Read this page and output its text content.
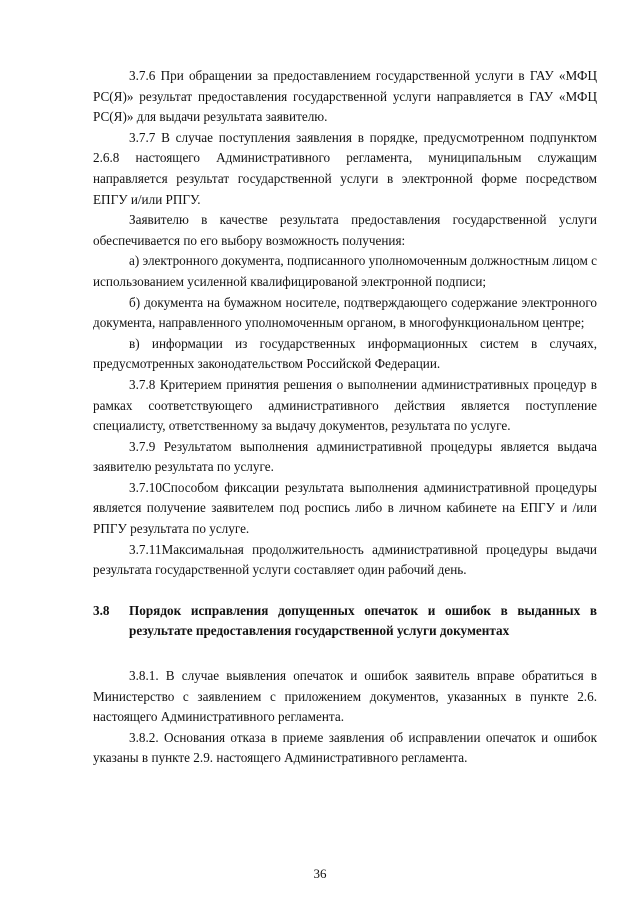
3.7.6 При обращении за предоставлением государственной услуги в ГАУ «МФЦ РС(Я)» результат предоставления государственной услуги направляется в ГАУ «МФЦ РС(Я)» для выдачи результата заявителю.

3.7.7 В случае поступления заявления в порядке, предусмотренном подпунктом 2.6.8 настоящего Административного регламента, муниципальным служащим направляется результат государственной услуги в электронной форме посредством ЕПГУ и/или РПГУ.

Заявителю в качестве результата предоставления государственной услуги обеспечивается по его выбору возможность получения:

а) электронного документа, подписанного уполномоченным должностным лицом с использованием усиленной квалифицированой электронной подписи;

б) документа на бумажном носителе, подтверждающего содержание электронного документа, направленного уполномоченным органом, в многофункциональном центре;

в) информации из государственных информационных систем в случаях, предусмотренных законодательством Российской Федерации.

3.7.8 Критерием принятия решения о выполнении административных процедур в рамках соответствующего административного действия является поступление специалисту, ответственному за выдачу документов, результата по услуге.

3.7.9 Результатом выполнения административной процедуры является выдача заявителю результата по услуге.

3.7.10Способом фиксации результата выполнения административной процедуры является получение заявителем под роспись либо в личном кабинете на ЕПГУ и /или РПГУ результата по услуге.

3.7.11Максимальная продолжительность административной процедуры выдачи результата государственной услуги составляет один рабочий день.

3.8	Порядок исправления допущенных опечаток и ошибок в выданных в результате предоставления государственной услуги документах

3.8.1. В случае выявления опечаток и ошибок заявитель вправе обратиться в Министерство с заявлением с приложением документов, указанных в пункте 2.6. настоящего Административного регламента.

3.8.2. Основания отказа в приеме заявления об исправлении опечаток и ошибок указаны в пункте 2.9. настоящего Административного регламента.

36
